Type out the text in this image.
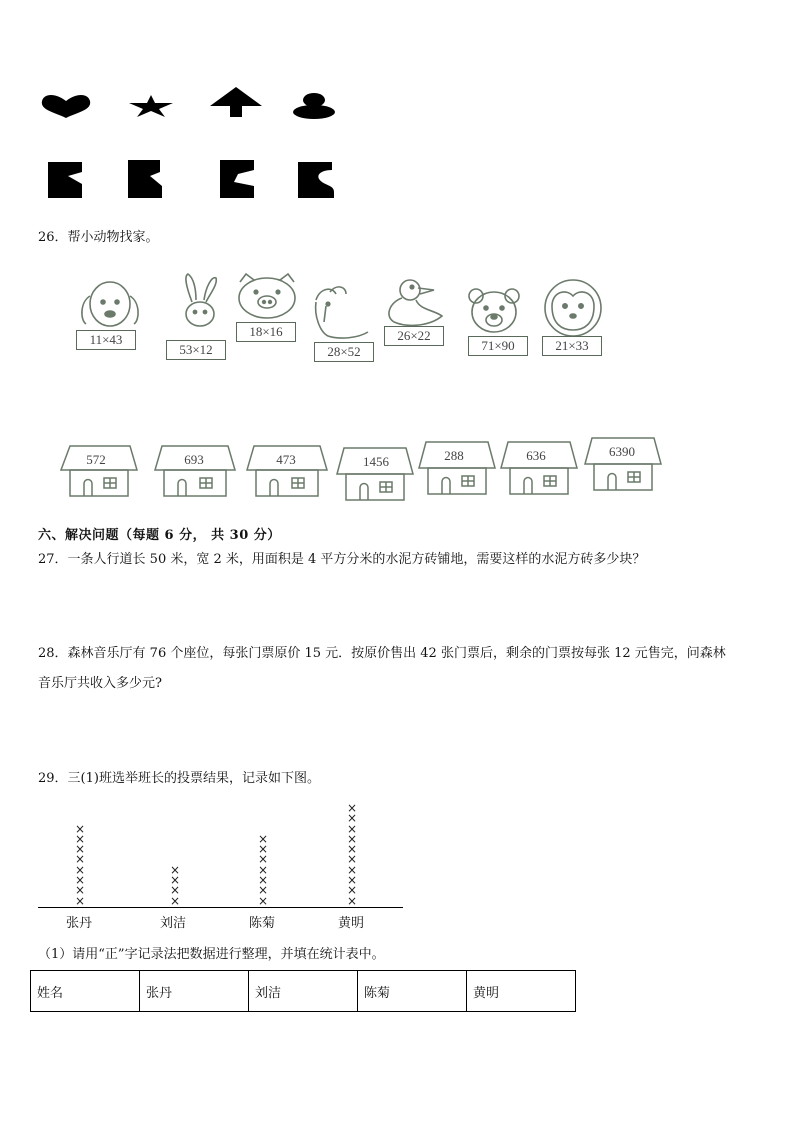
26．帮小动物找家。
11×43
53×12
18×16
28×52
26×22
71×90	21×33
572	693	473	1456	288	636	6390
六、解决问题（每题 6 分， 共 30 分）
27．一条人行道长 50 米，宽 2 米，用面积是 4 平方分米的水泥方砖铺地，需要这样的水泥方砖多少块？
28．森林音乐厅有 76 个座位，每张门票原价 15 元．按原价售出 42 张门票后，剩余的门票按每张 12 元售完，问森林
音乐厅共收入多少元?
29．三(1)班选举班长的投票结果，记录如下图。
×
×
×
×
×
×
×
×
×
×
×
×
×
×
×
×
×
×
×
×
×
×
×
×
×
×
×
×
×
张丹	刘洁	陈菊	黄明
（1）请用“正”字记录法把数据进行整理，并填在统计表中。
姓名	张丹	刘洁	陈菊	黄明
